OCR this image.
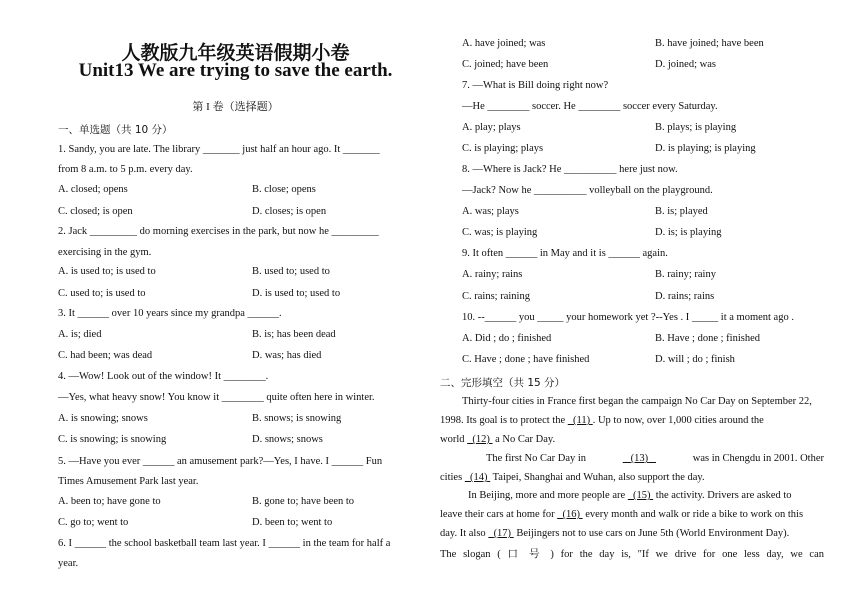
人教版九年级英语假期小卷
Unit13 We are trying to save the earth.
第 I 卷（选择题）
一、单选题（共 10 分）
1. Sandy, you are late. The library _______ just half an hour ago. It _______
from 8 a.m. to 5 p.m. every day.
A. closed; opens	B. close; opens
C. closed; is open	D. closes; is open
2. Jack _________ do morning exercises in the park, but now he _________
exercising in the gym.
A. is used to; is used to	B. used to; used to
C. used to; is used to	D. is used to; used to
3. It ______ over 10 years since my grandpa ______.
A. is; died	B. is; has been dead
C. had been; was dead	D. was; has died
4. —Wow! Look out of the window! It ________.
—Yes, what heavy snow! You know it ________ quite often here in winter.
A. is snowing; snows	B. snows; is snowing
C. is snowing; is snowing	D. snows; snows
5. —Have you ever ______ an amusement park?—Yes, I have. I ______ Fun
Times Amusement Park last year.
A. been to; have gone to	B. gone to; have been to
C. go to; went to	D. been to; went to
6. I ______ the school basketball team last year. I ______ in the team for half a
year.
A. have joined; was	B. have joined; have been
C. joined; have been	D. joined; was
7. —What is Bill doing right now?
—He ________ soccer. He ________ soccer every Saturday.
A. play; plays	B. plays; is playing
C. is playing; plays	D. is playing; is playing
8. —Where is Jack? He __________ here just now.
—Jack? Now he __________ volleyball on the playground.
A. was; plays	B. is; played
C. was; is playing	D. is; is playing
9. It often ______ in May and it is ______ again.
A. rainy; rains	B. rainy; rainy
C. rains; raining	D. rains; rains
10. --______ you _____ your homework yet ?--Yes . I _____ it a moment ago .
A. Did ; do ; finished	B. Have ; done ; finished
C. Have ; done ; have finished	D. will ; do ; finish
二、完形填空（共 15 分）
Thirty-four cities in France first began the campaign No Car Day on September 22,
1998. Its goal is to protect the   (11) . Up to now, over 1,000 cities around the
world   (12)  a No Car Day.
The first No Car Day in	(13)	was in Chengdu in 2001. Other
cities   (14)  Taipei, Shanghai and Wuhan, also support the day.
In Beijing, more and more people are   (15)  the activity. Drivers are asked to
leave their cars at home for   (16)  every month and walk or ride a bike to work on this
day. It also   (17)  Beijingers not to use cars on June 5th (World Environment Day).
The slogan ( 口 号 ) for the day is, "If we drive for one less day, we can
